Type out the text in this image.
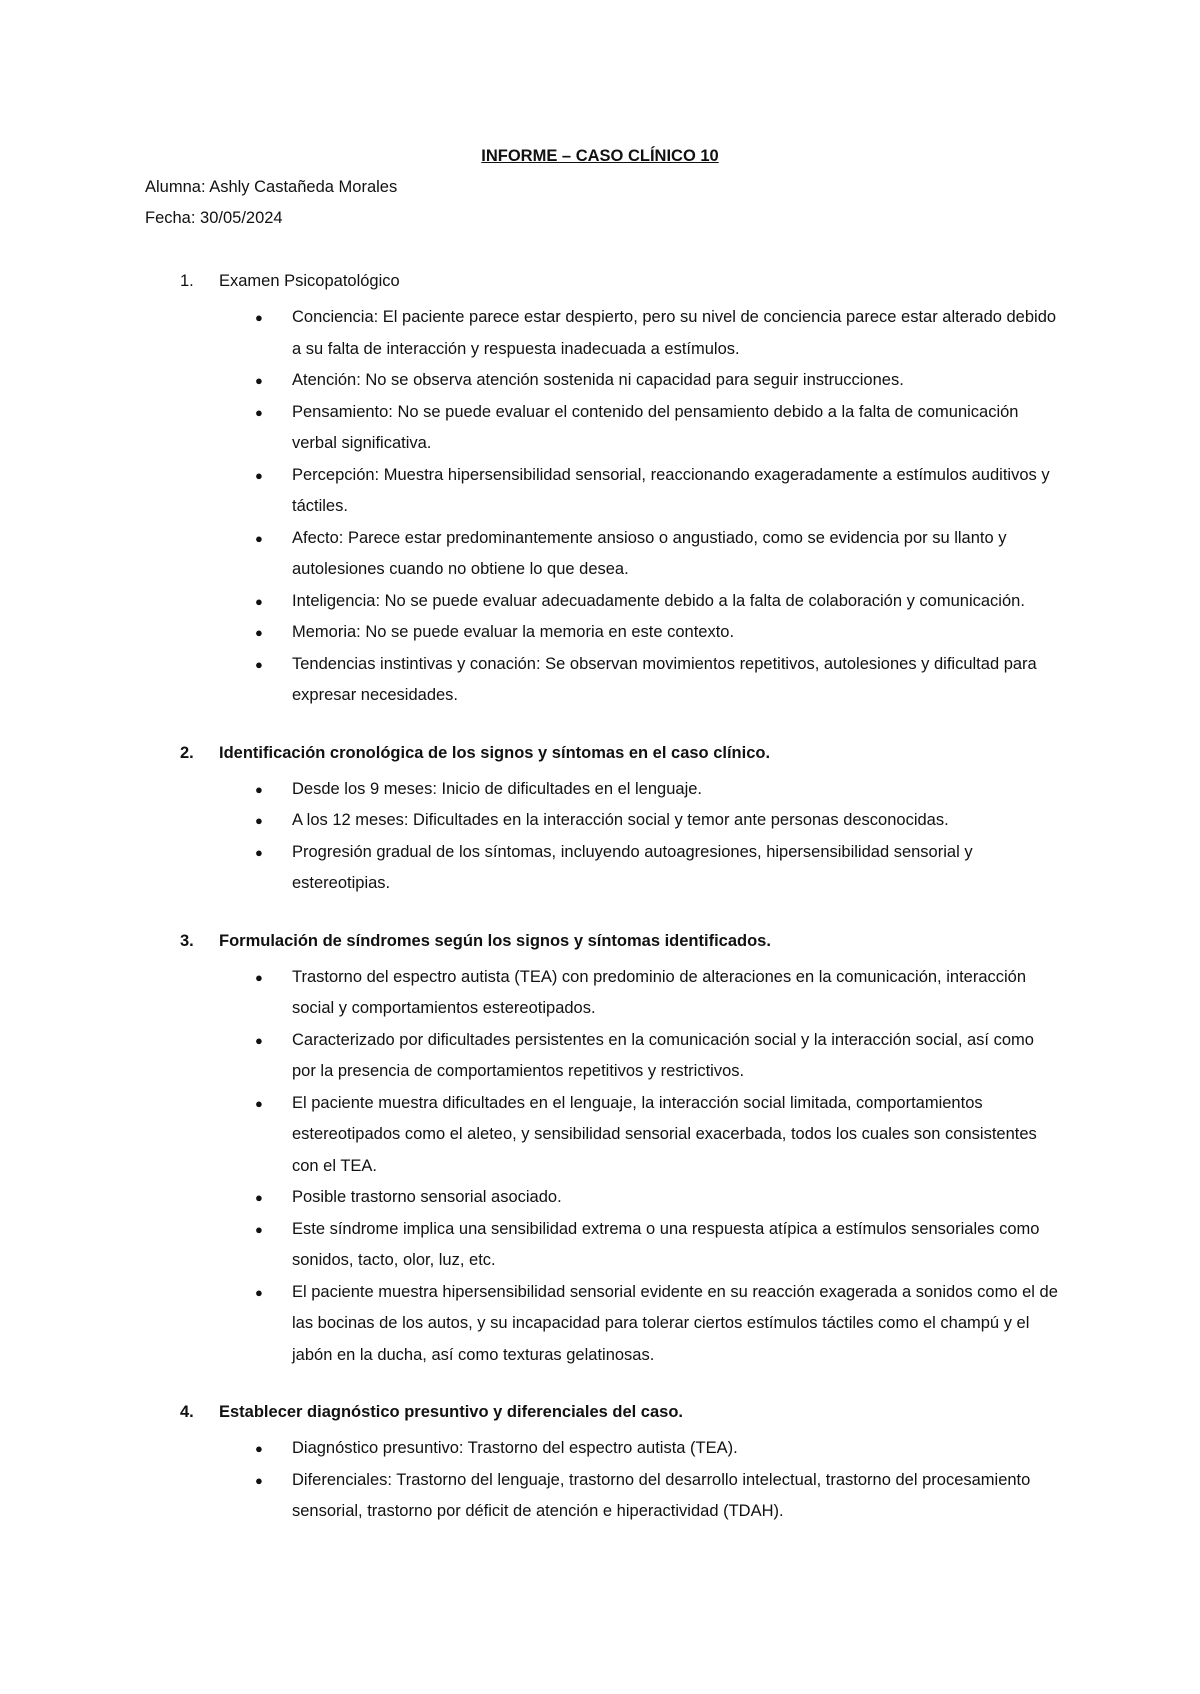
INFORME – CASO CLÍNICO 10
Alumna: Ashly Castañeda Morales
Fecha: 30/05/2024
1. Examen Psicopatológico
● Conciencia: El paciente parece estar despierto, pero su nivel de conciencia parece estar alterado debido a su falta de interacción y respuesta inadecuada a estímulos.
● Atención: No se observa atención sostenida ni capacidad para seguir instrucciones.
● Pensamiento: No se puede evaluar el contenido del pensamiento debido a la falta de comunicación verbal significativa.
● Percepción: Muestra hipersensibilidad sensorial, reaccionando exageradamente a estímulos auditivos y táctiles.
● Afecto: Parece estar predominantemente ansioso o angustiado, como se evidencia por su llanto y autolesiones cuando no obtiene lo que desea.
● Inteligencia: No se puede evaluar adecuadamente debido a la falta de colaboración y comunicación.
● Memoria: No se puede evaluar la memoria en este contexto.
● Tendencias instintivas y conación: Se observan movimientos repetitivos, autolesiones y dificultad para expresar necesidades.
2. Identificación cronológica de los signos y síntomas en el caso clínico.
● Desde los 9 meses: Inicio de dificultades en el lenguaje.
● A los 12 meses: Dificultades en la interacción social y temor ante personas desconocidas.
● Progresión gradual de los síntomas, incluyendo autoagresiones, hipersensibilidad sensorial y estereotipias.
3. Formulación de síndromes según los signos y síntomas identificados.
● Trastorno del espectro autista (TEA) con predominio de alteraciones en la comunicación, interacción social y comportamientos estereotipados.
● Caracterizado por dificultades persistentes en la comunicación social y la interacción social, así como por la presencia de comportamientos repetitivos y restrictivos.
● El paciente muestra dificultades en el lenguaje, la interacción social limitada, comportamientos estereotipados como el aleteo, y sensibilidad sensorial exacerbada, todos los cuales son consistentes con el TEA.
● Posible trastorno sensorial asociado.
● Este síndrome implica una sensibilidad extrema o una respuesta atípica a estímulos sensoriales como sonidos, tacto, olor, luz, etc.
● El paciente muestra hipersensibilidad sensorial evidente en su reacción exagerada a sonidos como el de las bocinas de los autos, y su incapacidad para tolerar ciertos estímulos táctiles como el champú y el jabón en la ducha, así como texturas gelatinosas.
4. Establecer diagnóstico presuntivo y diferenciales del caso.
● Diagnóstico presuntivo: Trastorno del espectro autista (TEA).
● Diferenciales: Trastorno del lenguaje, trastorno del desarrollo intelectual, trastorno del procesamiento sensorial, trastorno por déficit de atención e hiperactividad (TDAH).
